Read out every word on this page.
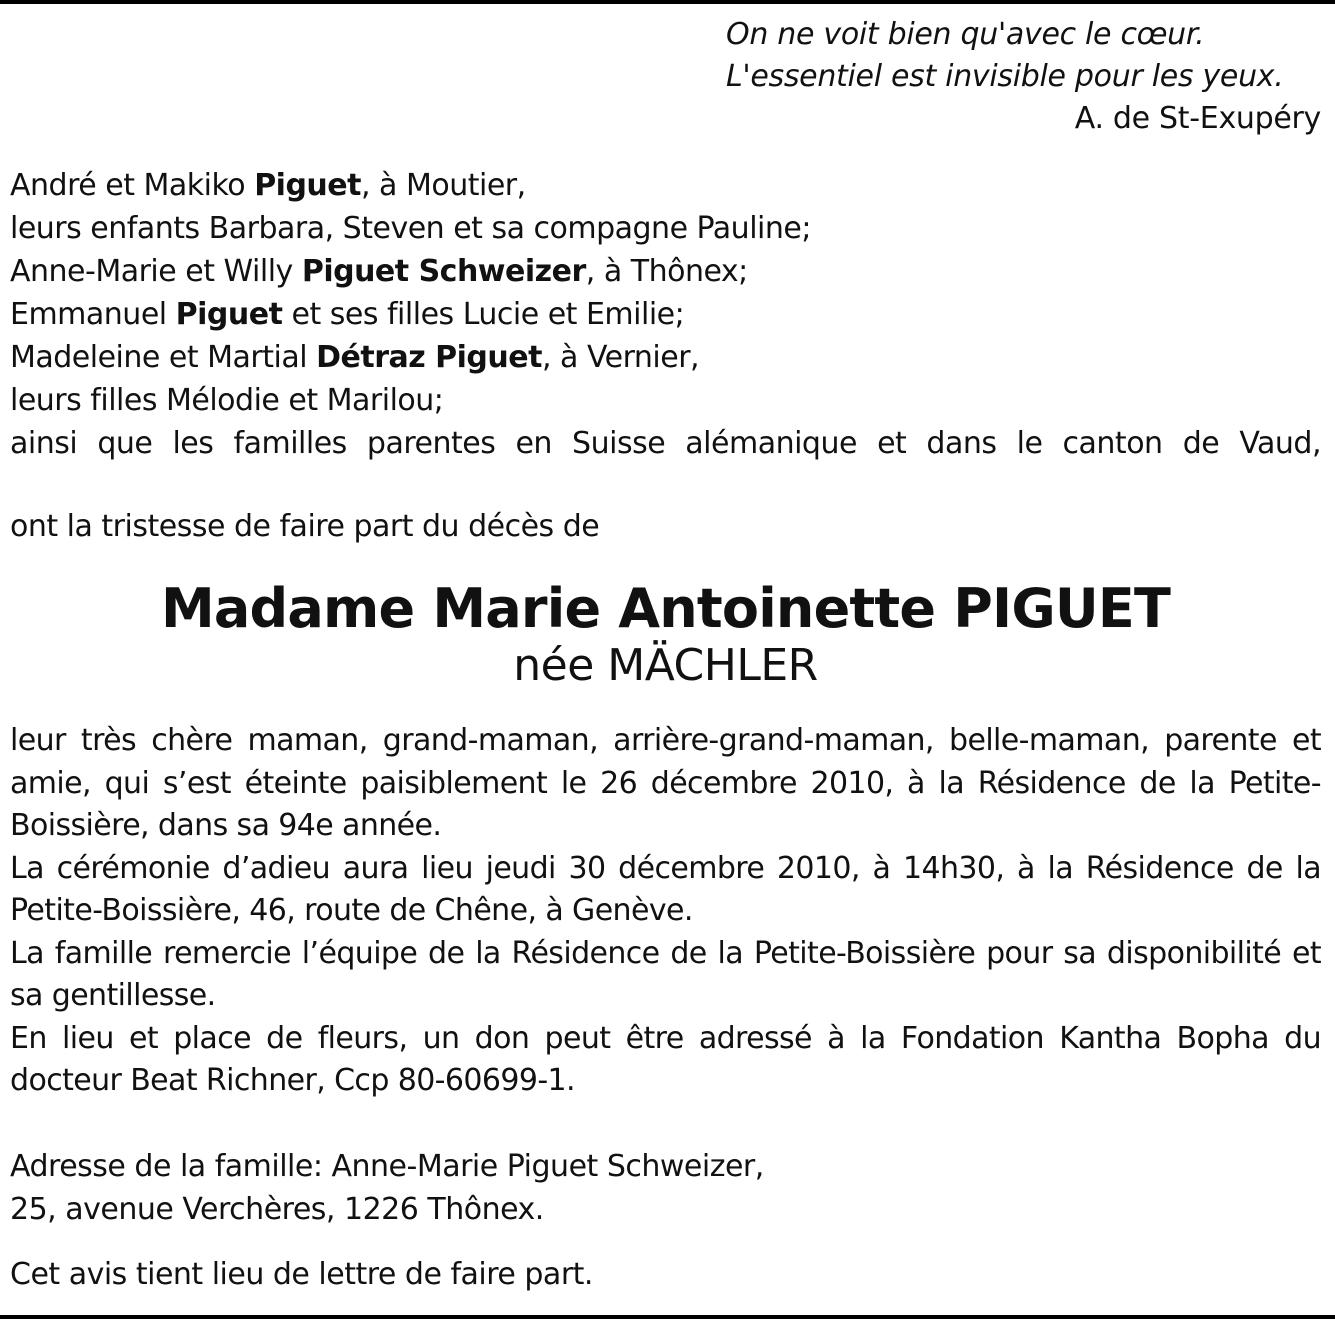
On ne voit bien qu'avec le cœur.
L'essentiel est invisible pour les yeux.
A. de St-Exupéry

André et Makiko Piguet, à Moutier,

leurs enfants Barbara, Steven et sa compagne Pauline;

Anne-Marie et Willy Piguet Schweizer, à Thônex;

Emmanuel Piguet et ses filles Lucie et Emilie;

Madeleine et Martial Détraz Piguet, à Vernier,

leurs filles Mélodie et Marilou;

ainsi que les familles parentes en Suisse alémanique et dans le canton de Vaud,

ont la tristesse de faire part du décès de
Madame Marie Antoinette PIGUET
née MÄCHLER

leur très chère maman, grand-maman, arrière-grand-maman, belle-maman, parente et amie, qui s’est éteinte paisiblement le 26 décembre 2010, à la Résidence de la Petite-Boissière, dans sa 94e année.

La cérémonie d’adieu aura lieu jeudi 30 décembre 2010, à 14h30, à la Résidence de la Petite-Boissière, 46, route de Chêne, à Genève.

La famille remercie l’équipe de la Résidence de la Petite-Boissière pour sa disponibilité et sa gentillesse.

En lieu et place de fleurs, un don peut être adressé à la Fondation Kantha Bopha du docteur Beat Richner, Ccp 80-60699-1.

Adresse de la famille: Anne-Marie Piguet Schweizer,

25, avenue Verchères, 1226 Thônex.

Cet avis tient lieu de lettre de faire part.
